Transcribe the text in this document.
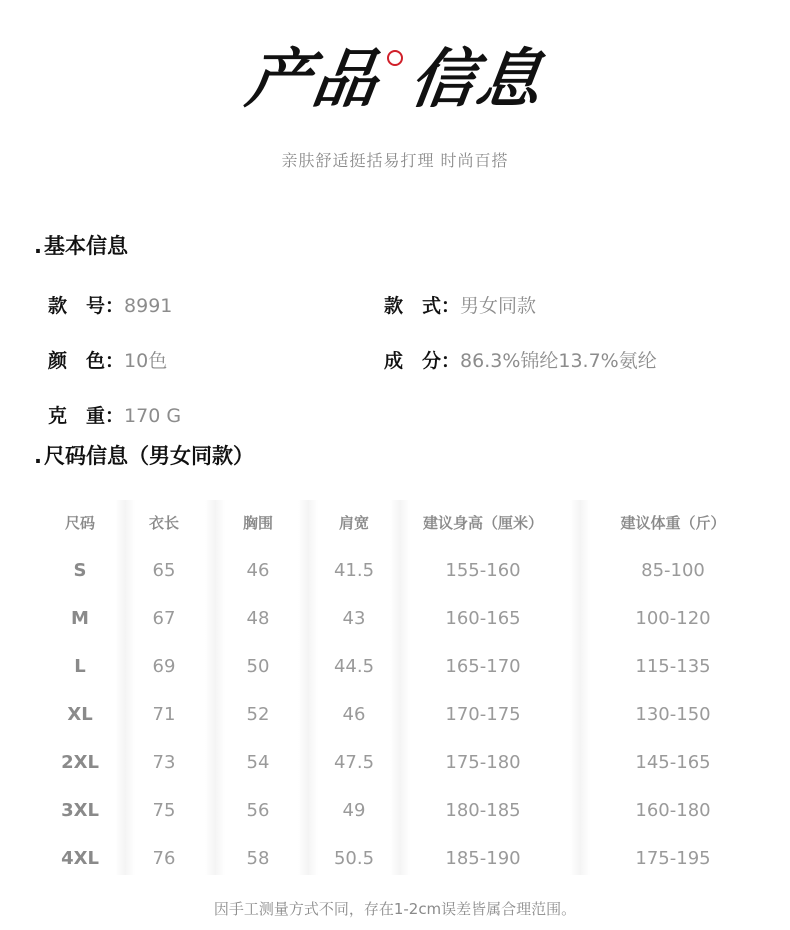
产品 信息
亲肤舒适挺括易打理 时尚百搭
.基本信息
款　号：8991	款　式：男女同款
颜　色：10色	成　分：86.3%锦纶13.7%氨纶
克　重：170 G
.尺码信息（男女同款）
尺码	衣长	胸围	肩宽	建议身高（厘米）	建议体重（斤）
S	65	46	41.5	155-160	85-100
M	67	48	43	160-165	100-120
L	69	50	44.5	165-170	115-135
XL	71	52	46	170-175	130-150
2XL	73	54	47.5	175-180	145-165
3XL	75	56	49	180-185	160-180
4XL	76	58	50.5	185-190	175-195
因手工测量方式不同，存在1-2cm误差皆属合理范围。
